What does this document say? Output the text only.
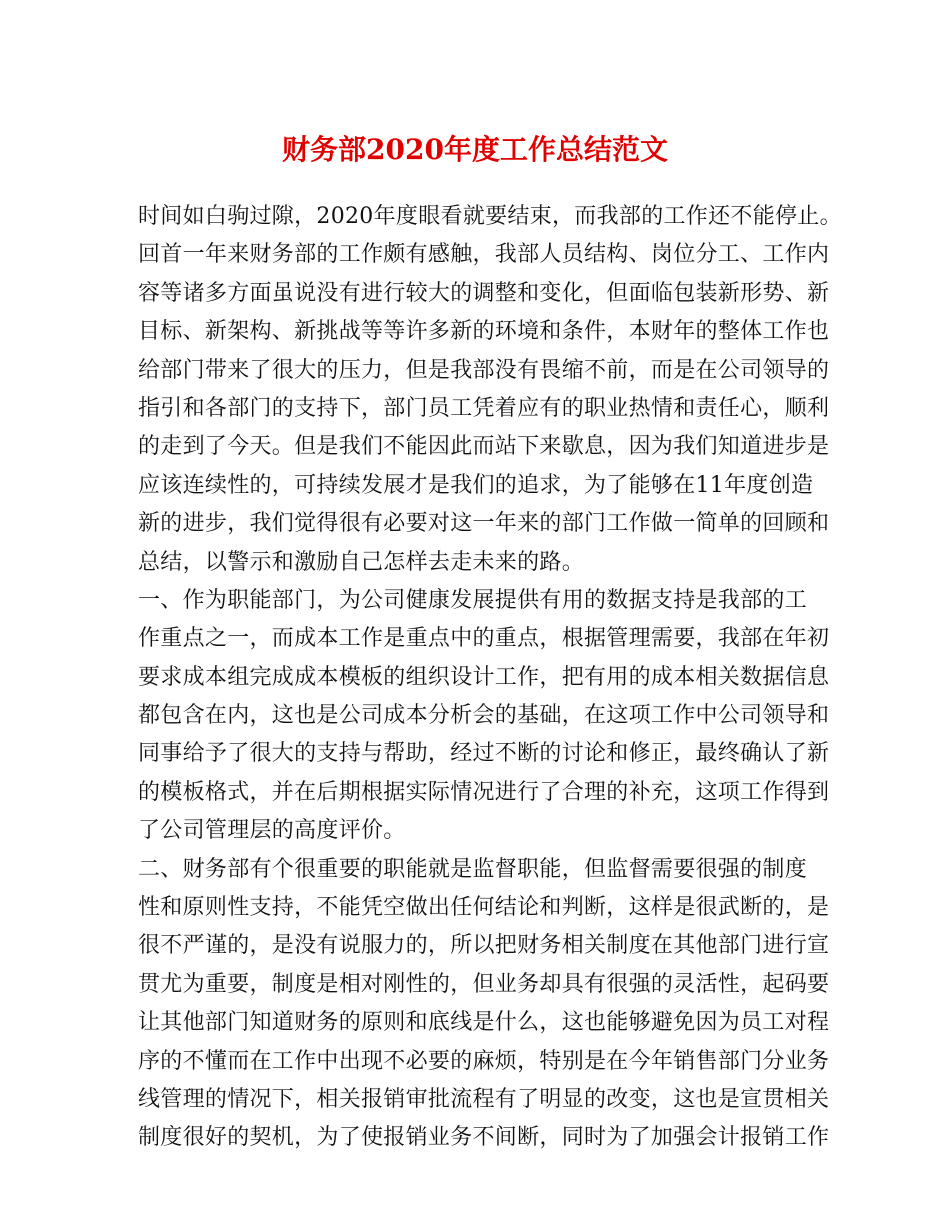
财务部2020年度工作总结范文
时间如白驹过隙，2020年度眼看就要结束，而我部的工作还不能停止。
回首一年来财务部的工作颇有感触，我部人员结构、岗位分工、工作内
容等诸多方面虽说没有进行较大的调整和变化，但面临包装新形势、新
目标、新架构、新挑战等等许多新的环境和条件，本财年的整体工作也
给部门带来了很大的压力，但是我部没有畏缩不前，而是在公司领导的
指引和各部门的支持下，部门员工凭着应有的职业热情和责任心，顺利
的走到了今天。但是我们不能因此而站下来歇息，因为我们知道进步是
应该连续性的，可持续发展才是我们的追求，为了能够在11年度创造
新的进步，我们觉得很有必要对这一年来的部门工作做一简单的回顾和
总结，以警示和激励自己怎样去走未来的路。
一、作为职能部门，为公司健康发展提供有用的数据支持是我部的工
作重点之一，而成本工作是重点中的重点，根据管理需要，我部在年初
要求成本组完成成本模板的组织设计工作，把有用的成本相关数据信息
都包含在内，这也是公司成本分析会的基础，在这项工作中公司领导和
同事给予了很大的支持与帮助，经过不断的讨论和修正，最终确认了新
的模板格式，并在后期根据实际情况进行了合理的补充，这项工作得到
了公司管理层的高度评价。
二、财务部有个很重要的职能就是监督职能，但监督需要很强的制度
性和原则性支持，不能凭空做出任何结论和判断，这样是很武断的，是
很不严谨的，是没有说服力的，所以把财务相关制度在其他部门进行宣
贯尤为重要，制度是相对刚性的，但业务却具有很强的灵活性，起码要
让其他部门知道财务的原则和底线是什么，这也能够避免因为员工对程
序的不懂而在工作中出现不必要的麻烦，特别是在今年销售部门分业务
线管理的情况下，相关报销审批流程有了明显的改变，这也是宣贯相关
制度很好的契机，为了使报销业务不间断，同时为了加强会计报销工作
